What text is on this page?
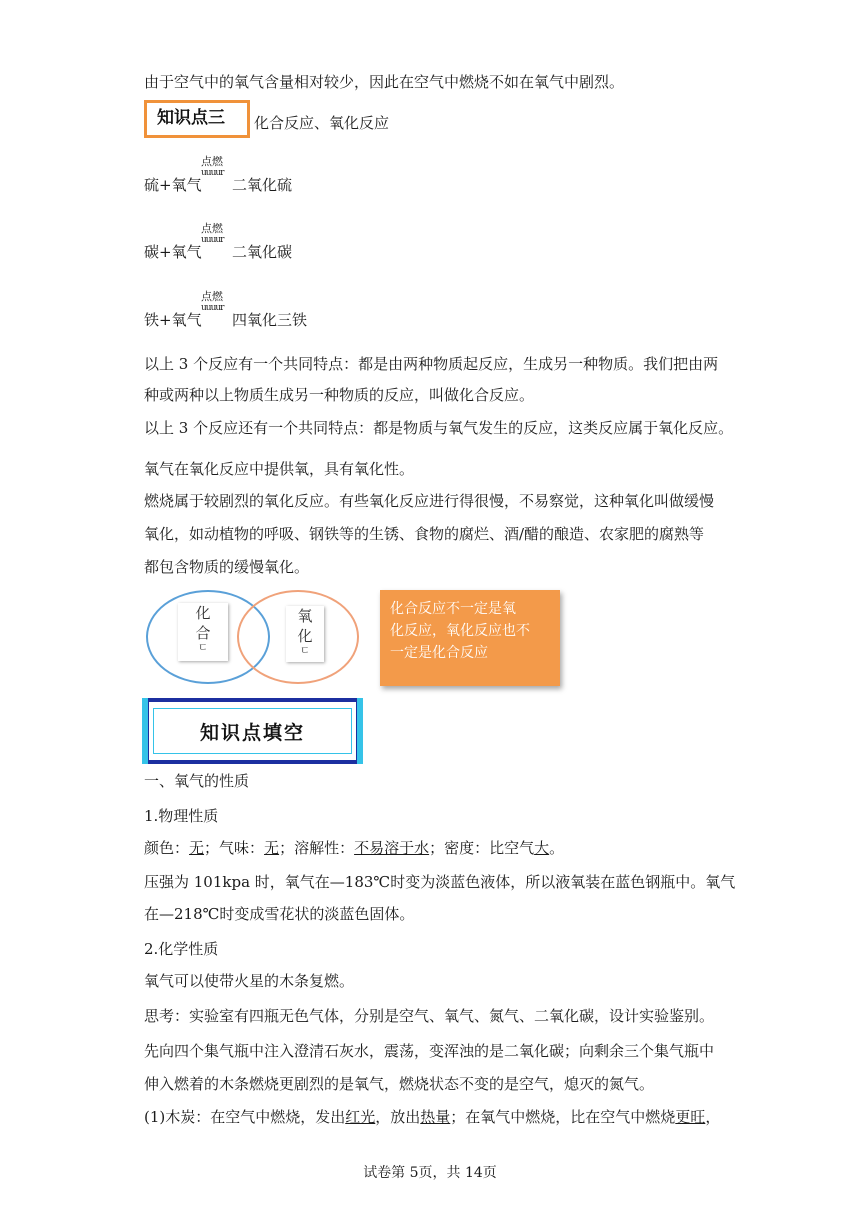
由于空气中的氧气含量相对较少，因此在空气中燃烧不如在氧气中剧烈。
知识点三	化合反应、氧化反应
硫+氧气
点燃
uuuur
二氧化硫
碳+氧气
点燃
uuuur
二氧化碳
铁+氧气
点燃
uuuur
四氧化三铁
以上 3 个反应有一个共同特点：都是由两种物质起反应，生成另一种物质。我们把由两
种或两种以上物质生成另一种物质的反应，叫做化合反应。
以上 3 个反应还有一个共同特点：都是物质与氧气发生的反应，这类反应属于氧化反应。
氧气在氧化反应中提供氧，具有氧化性。
燃烧属于较剧烈的氧化反应。有些氧化反应进行得很慢，不易察觉，这种氧化叫做缓慢
氧化，如动植物的呼吸、钢铁等的生锈、食物的腐烂、酒/醋的酿造、农家肥的腐熟等
都包含物质的缓慢氧化。
化
合
ㄷ
氧
化
ㄷ
化合反应不一定是氧
化反应，氧化反应也不
一定是化合反应
知识点填空
一、氧气的性质
1.物理性质
颜色：无；气味：无；溶解性：不易溶于水；密度：比空气大。
压强为 101kpa 时，氧气在—183℃时变为淡蓝色液体，所以液氧装在蓝色钢瓶中。氧气
在—218℃时变成雪花状的淡蓝色固体。
2.化学性质
氧气可以使带火星的木条复燃。
思考：实验室有四瓶无色气体，分别是空气、氧气、氮气、二氧化碳，设计实验鉴别。
先向四个集气瓶中注入澄清石灰水，震荡，变浑浊的是二氧化碳；向剩余三个集气瓶中
伸入燃着的木条燃烧更剧烈的是氧气，燃烧状态不变的是空气，熄灭的氮气。
(1)木炭：在空气中燃烧，发出红光，放出热量；在氧气中燃烧，比在空气中燃烧更旺，
试卷第 5页，共 14页
